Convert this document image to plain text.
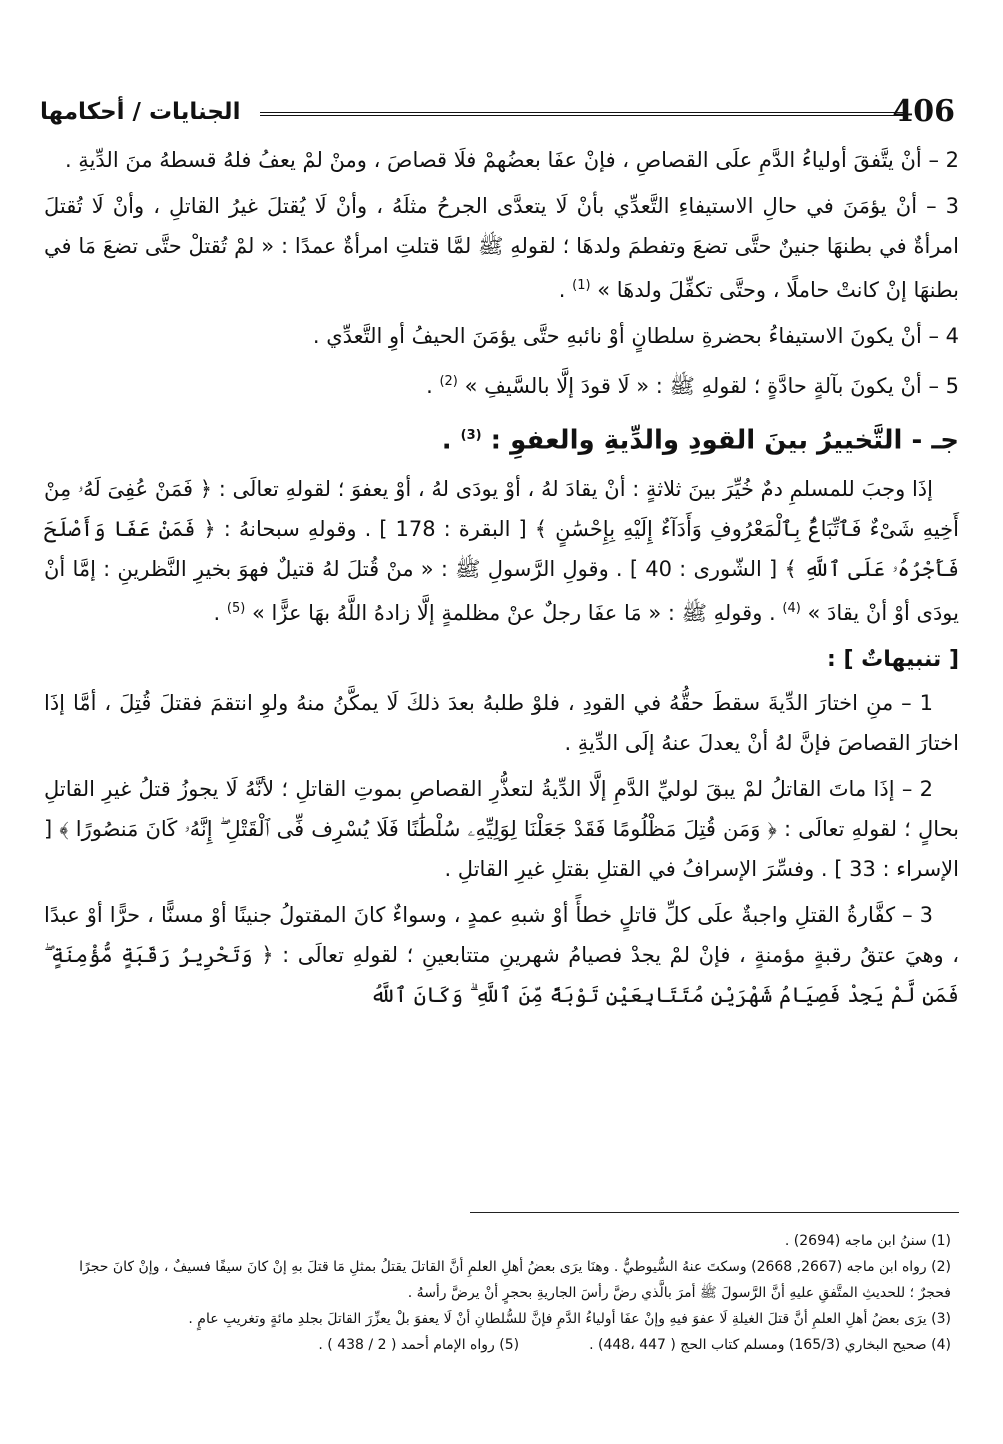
406
الجنايات / أحكامها

2 – أنْ يتَّفقَ أولياءُ الدَّمِ علَى القصاصِ ، فإنْ عفَا بعضُهمْ فلَا قصاصَ ، ومنْ لمْ يعفُ فلهُ قسطهُ منَ الدِّيةِ .

3 – أنْ يؤمَنَ في حالِ الاستيفاءِ التَّعدِّي بأنْ لَا يتعدَّى الجرحُ مثلَهُ ، وأنْ لَا يُقتلَ غيرُ القاتلِ ، وأنْ لَا تُقتلَ امرأةٌ في بطنهَا جنينٌ حتَّى تضعَ وتفطمَ ولدهَا ؛ لقولهِ ﷺ لمَّا قتلتِ امرأةٌ عمدًا : « لمْ تُقتلْ حتَّى تضعَ مَا في بطنهَا إنْ كانتْ حاملًا ، وحتَّى تكفِّلَ ولدهَا » $^{(1)}$ .

4 – أنْ يكونَ الاستيفاءُ بحضرةِ سلطانٍ أوْ نائبهِ حتَّى يؤمَنَ الحيفُ أوِ التَّعدِّي .

5 – أنْ يكونَ بآلةٍ حادَّةٍ ؛ لقولهِ ﷺ : « لَا قودَ إلَّا بالسَّيفِ » $^{(2)}$ .

جـ - التَّخييرُ بينَ القودِ والدِّيةِ والعفوِ : $^{(3)}$ .

إذَا وجبَ للمسلمِ دمٌ خُيِّرَ بينَ ثلاثةٍ : أنْ يقادَ لهُ ، أوْ يودَى لهُ ، أوْ يعفوَ ؛ لقولهِ تعالَى : ﴿ فَمَنْ عُفِىَ لَهُۥ مِنْ أَخِيهِ شَىْءٌ فَٱتِّبَاعٌۢ بِٱلْمَعْرُوفِ وَأَدَآءٌ إِلَيْهِ بِإِحْسَٰنٍ ﴾ [ البقرة : 178 ] . وقولهِ سبحانهُ : ﴿ فَمَنْ عَفَا وَأَصْلَحَ فَأَجْرُهُۥ عَلَى ٱللَّهِ ﴾ [ الشّورى : 40 ] . وقولِ الرَّسولِ ﷺ : « منْ قُتلَ لهُ قتيلٌ فهوَ بخيرِ النَّظرينِ : إمَّا أنْ يودَى أوْ أنْ يقادَ » $^{(4)}$ . وقولهِ ﷺ : « مَا عفَا رجلٌ عنْ مظلمةٍ إلَّا زادهُ اللَّهُ بهَا عزًّا » $^{(5)}$ .

[ تنبيهاتٌ ] :

1 – منِ اختارَ الدِّيةَ سقطَ حقُّهُ في القودِ ، فلوْ طلبهُ بعدَ ذلكَ لَا يمكَّنُ منهُ ولوِ انتقمَ فقتلَ قُتِلَ ، أمَّا إذَا اختارَ القصاصَ فإنَّ لهُ أنْ يعدلَ عنهُ إلَى الدِّيةِ .

2 – إذَا ماتَ القاتلُ لمْ يبقَ لوليِّ الدَّمِ إلَّا الدِّيةُ لتعذُّرِ القصاصِ بموتِ القاتلِ ؛ لأنَّهُ لَا يجوزُ قتلُ غيرِ القاتلِ بحالٍ ؛ لقولهِ تعالَى : ﴿ وَمَن قُتِلَ مَظْلُومًا فَقَدْ جَعَلْنَا لِوَلِيِّهِۦ سُلْطَٰنًا فَلَا يُسْرِف فِّى ٱلْقَتْلِ ۖ إِنَّهُۥ كَانَ مَنصُورًا ﴾ [ الإسراء : 33 ] . وفسِّرَ الإسرافُ في القتلِ بقتلِ غيرِ القاتلِ .

3 – كفَّارةُ القتلِ واجبةٌ علَى كلِّ قاتلٍ خطأً أوْ شبهِ عمدٍ ، وسواءٌ كانَ المقتولُ جنينًا أوْ مسنًّا ، حرًّا أوْ عبدًا ، وهيَ عتقُ رقبةٍ مؤمنةٍ ، فإنْ لمْ يجدْ فصيامُ شهرينِ متتابعينِ ؛ لقولهِ تعالَى : ﴿ وَتَحْرِيرُ رَقَبَةٍ مُّؤْمِنَةٍ ۖ فَمَن لَّمْ يَجِدْ فَصِيَامُ شَهْرَيْنِ مُتَتَابِعَيْنِ تَوْبَةً مِّنَ ٱللَّهِ ۗ وَكَانَ ٱللَّهُ

(1) سننُ ابن ماجه (2694) .

(2) رواه ابن ماجه (2667, 2668) وسكتَ عنهُ السُّيوطيُّ . وهنَا يرَى بعضُ أهلِ العلمِ أنَّ القاتلَ يقتلُ بمثلِ مَا قتلَ بهِ إنْ كانَ سيفًا فسيفٌ ، وإنْ كانَ حجرًا فحجرٌ ؛ للحديثِ المتَّفقِ عليهِ أنَّ الرَّسولَ ﷺ أمرَ بالَّذي رضَّ رأسَ الجاريةِ بحجرٍ أنْ يرضَّ رأسهُ .

(3) يرَى بعضُ أهلِ العلمِ أنَّ قتلَ الغيلةِ لَا عفوَ فيهِ وإنْ عفَا أولياءُ الدَّمِ فإنَّ للسُّلطانِ أنْ لَا يعفوَ بلْ يعزِّرَ القاتلَ بجلدِ مائةٍ وتغريبِ عامٍ .

(4) صحيح البخاري (165/3) ومسلم كتاب الحج ( 447 ،448) .

(5) رواه الإمام أحمد ( 2 / 438 ) .
